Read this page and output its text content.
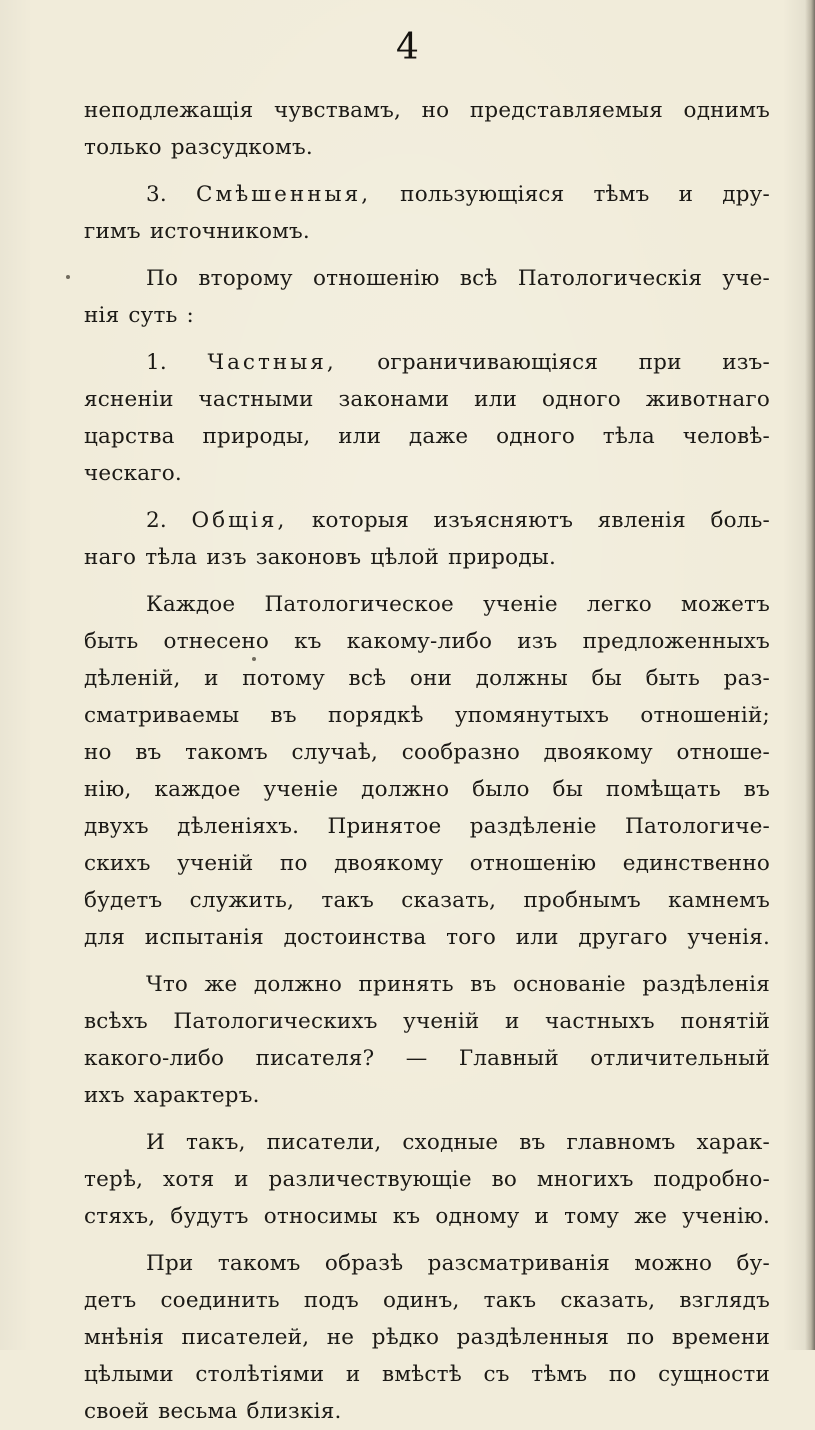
4
неподлежащія чувствамъ, но представляемыя однимъ
только разсудкомъ.
3. Смѣшенныя, пользующіяся тѣмъ и дру-
гимъ источникомъ.
По второму отношенію всѣ Патологическія уче-
нія суть :
1. Частныя, ограничивающіяся при изъ-
ясненіи частными законами или одного животнаго
царства природы, или даже одного тѣла человѣ-
ческаго.
2. Общія, которыя изъясняютъ явленія боль-
наго тѣла изъ законовъ цѣлой природы.
Каждое Патологическое ученіе легко можетъ
быть отнесено къ какому-либо изъ предложенныхъ
дѣленій, и потому всѣ они должны бы быть раз-
сматриваемы въ порядкѣ упомянутыхъ отношеній;
но въ такомъ случаѣ, сообразно двоякому отноше-
нію, каждое ученіе должно было бы помѣщать въ
двухъ дѣленіяхъ. Принятое раздѣленіе Патологиче-
скихъ ученій по двоякому отношенію единственно
будетъ служить, такъ сказать, пробнымъ камнемъ
для испытанія достоинства того или другаго ученія.
Что же должно принять въ основаніе раздѣленія
всѣхъ Патологическихъ ученій и частныхъ понятій
какого-либо писателя? — Главный отличительный
ихъ характеръ.
И такъ, писатели, сходные въ главномъ харак-
терѣ, хотя и различествующіе во многихъ подробно-
стяхъ, будутъ относимы къ одному и тому же ученію.
При такомъ образѣ разсматриванія можно бу-
детъ соединить подъ одинъ, такъ сказать, взглядъ
мнѣнія писателей, не рѣдко раздѣленныя по времени
цѣлыми столѣтіями и вмѣстѣ съ тѣмъ по сущности
своей весьма близкія.
